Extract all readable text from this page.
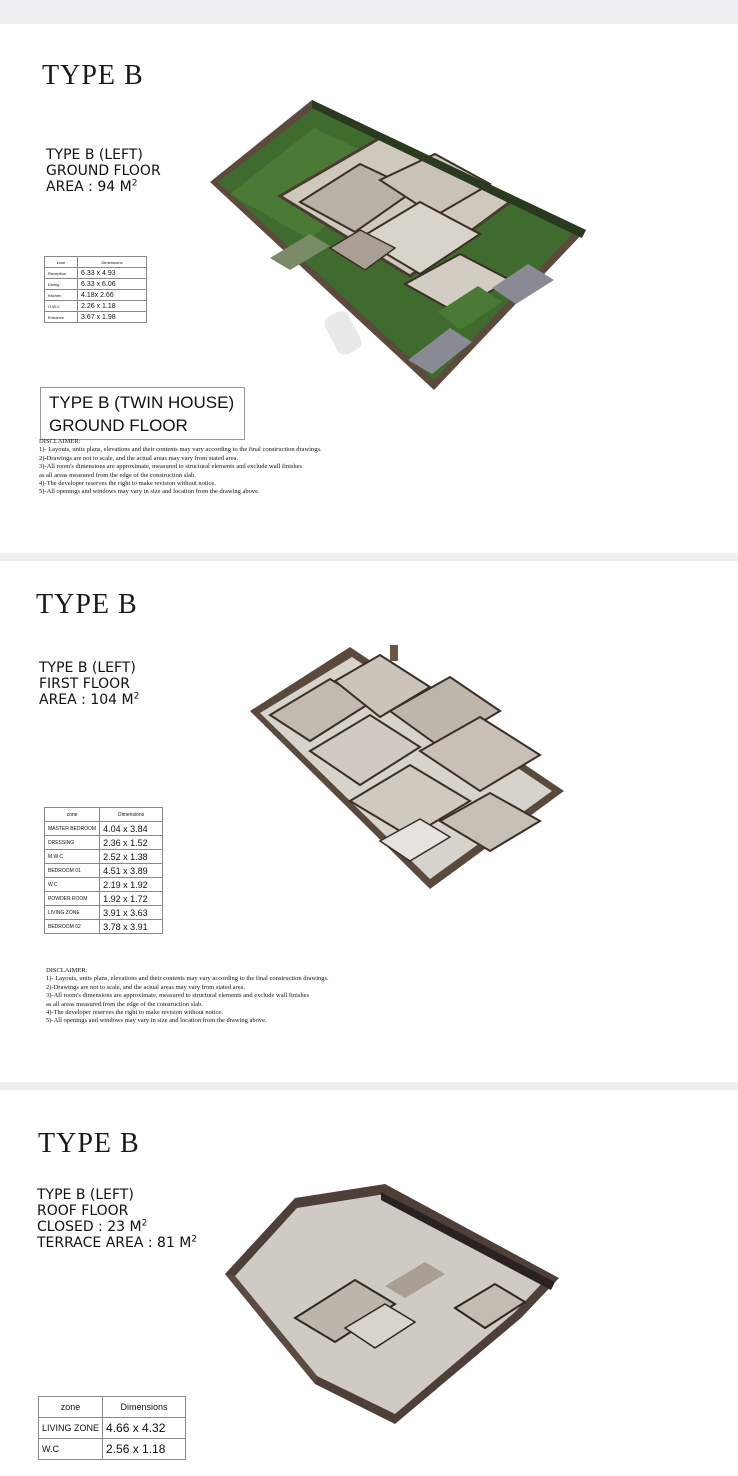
TYPE B
TYPE B (LEFT)
GROUND FLOOR
AREA : 94 $M^2$
zone	Dimensions
Reception	6.33 x 4.93
Dining	6.33 x 6.06
Kitchen	4.18x 2.66
G.W.C	2.26 x 1.18
Entrance	3.67 x 1.98
TYPE B (TWIN HOUSE)
GROUND FLOOR
DISCLAIMER:
1)- Layouts, units plans, elevations and their contents may vary according to the final construction drawings.
2)-Drawings are not to scale, and the actual areas may vary from stated area.
3)-All room's dimensions are approximate, measured to structural elements and exclude wall finishes
as all areas measured from the edge of the construction slab.
4)-The developer reserves the right to make revision without notice.
5)-All openings and windows may vary in size and location from the drawing above.
TYPE B
TYPE B (LEFT)
FIRST FLOOR
AREA : 104 $M^2$
zone	Dimensions
MASTER BEDROOM	4.04 x 3.84
DRESSING	2.36 x 1.52
M.W.C	2.52 x 1.38
BEDROOM 01	4.51 x 3.89
W.C	2.19 x 1.92
POWDER ROOM	1.92 x 1.72
LIVING ZONE	3.91 x 3.63
BEDROOM 02	3.78 x 3.91
DISCLAIMER:
1)- Layouts, units plans, elevations and their contents may vary according to the final construction drawings.
2)-Drawings are not to scale, and the actual areas may vary from stated area.
3)-All room's dimensions are approximate, measured to structural elements and exclude wall finishes
as all areas measured from the edge of the construction slab.
4)-The developer reserves the right to make revision without notice.
5)-All openings and windows may vary in size and location from the drawing above.
TYPE B
TYPE B (LEFT)
ROOF FLOOR
CLOSED : 23 $M^2$
TERRACE AREA : 81 $M^2$
zone	Dimensions
LIVING ZONE	4.66 x 4.32
W.C	2.56 x 1.18
